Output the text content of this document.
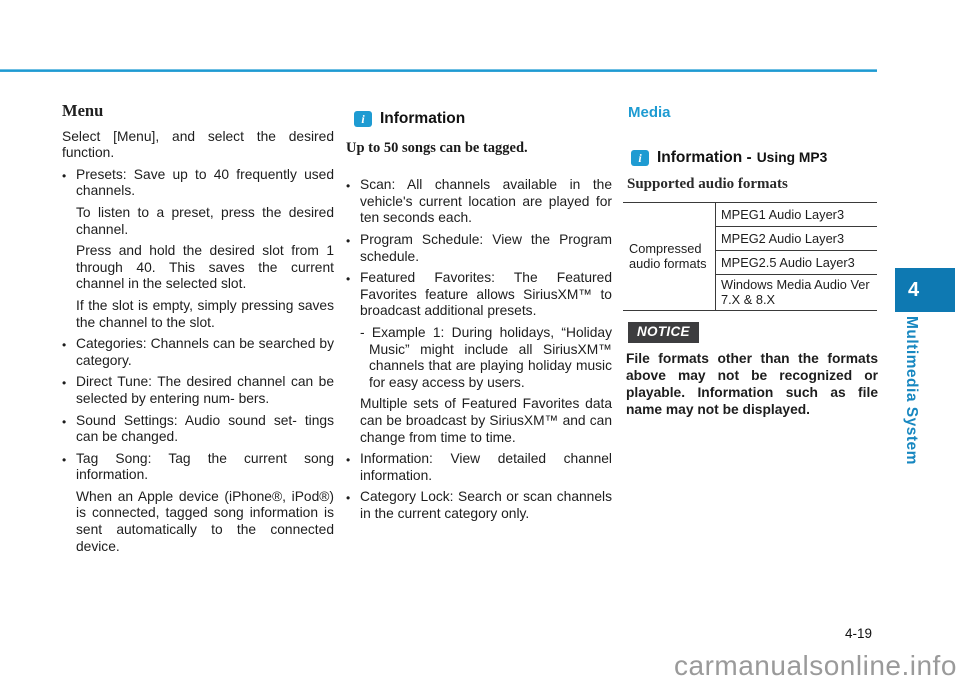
Menu

Select [Menu], and select the desired function.

• Presets: Save up to 40 frequently used channels.

To listen to a preset, press the desired channel.

Press and hold the desired slot from 1 through 40. This saves the current channel in the selected slot.

If the slot is empty, simply pressing saves the channel to the slot.

• Categories: Channels can be searched by category.
• Direct Tune: The desired channel can be selected by entering num- bers.
• Sound Settings: Audio sound set- tings can be changed.
• Tag Song: Tag the current song information.

When an Apple device (iPhone®, iPod®) is connected, tagged song information is sent automatically to the connected device.

i Information

Up to 50 songs can be tagged.

• Scan: All channels available in the vehicle's current location are played for ten seconds each.
• Program Schedule: View the Program schedule.
• Featured Favorites: The Featured Favorites feature allows SiriusXM™ to broadcast additional presets.

- Example 1: During holidays, “Holiday Music” might include all SiriusXM™ channels that are playing holiday music for easy access by users.

Multiple sets of Featured Favorites data can be broadcast by SiriusXM™ and can change from time to time.

• Information: View detailed channel information.
• Category Lock: Search or scan channels in the current category only.
Media
i Information - Using MP3
Supported audio formats
Compressed audio formats	MPEG1 Audio Layer3
MPEG2 Audio Layer3
MPEG2.5 Audio Layer3
Windows Media Audio Ver 7.X & 8.X
NOTICE

File formats other than the formats above may not be recognized or playable. Information such as file name may not be displayed.

4
Multimedia System
4-19
carmanualsonline.info
